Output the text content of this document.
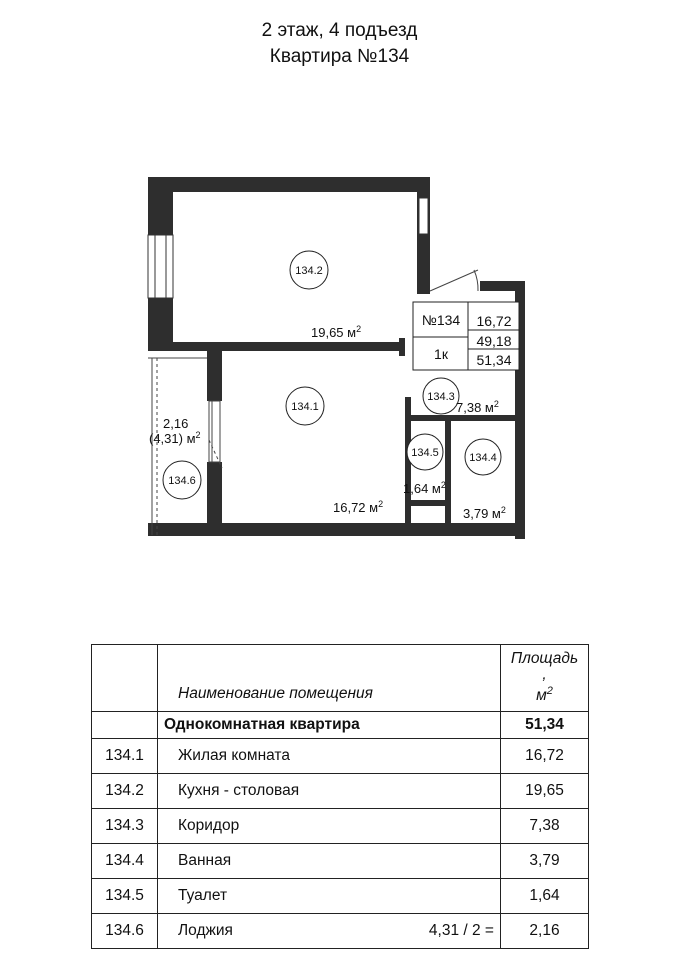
2 этаж, 4 подъезд
Квартира №134
134.2
19,65 $м^2$
134.1
16,72 $м^2$
134.3
7,38 $м^2$
134.5
1,64 $м^2$
134.4
3,79 $м^2$
134.6
2,16
(4,31) $м^2$
№134
1к
16,72
49,18
51,34
	Наименование помещения	Площадь ,
$м^2$
	Однокомнатная квартира	51,34
134.1	Жилая комната	16,72
134.2	Кухня - столовая	19,65
134.3	Коридор	7,38
134.4	Ванная	3,79
134.5	Туалет	1,64
134.6	Лоджия 4,31 / 2 =	2,16
